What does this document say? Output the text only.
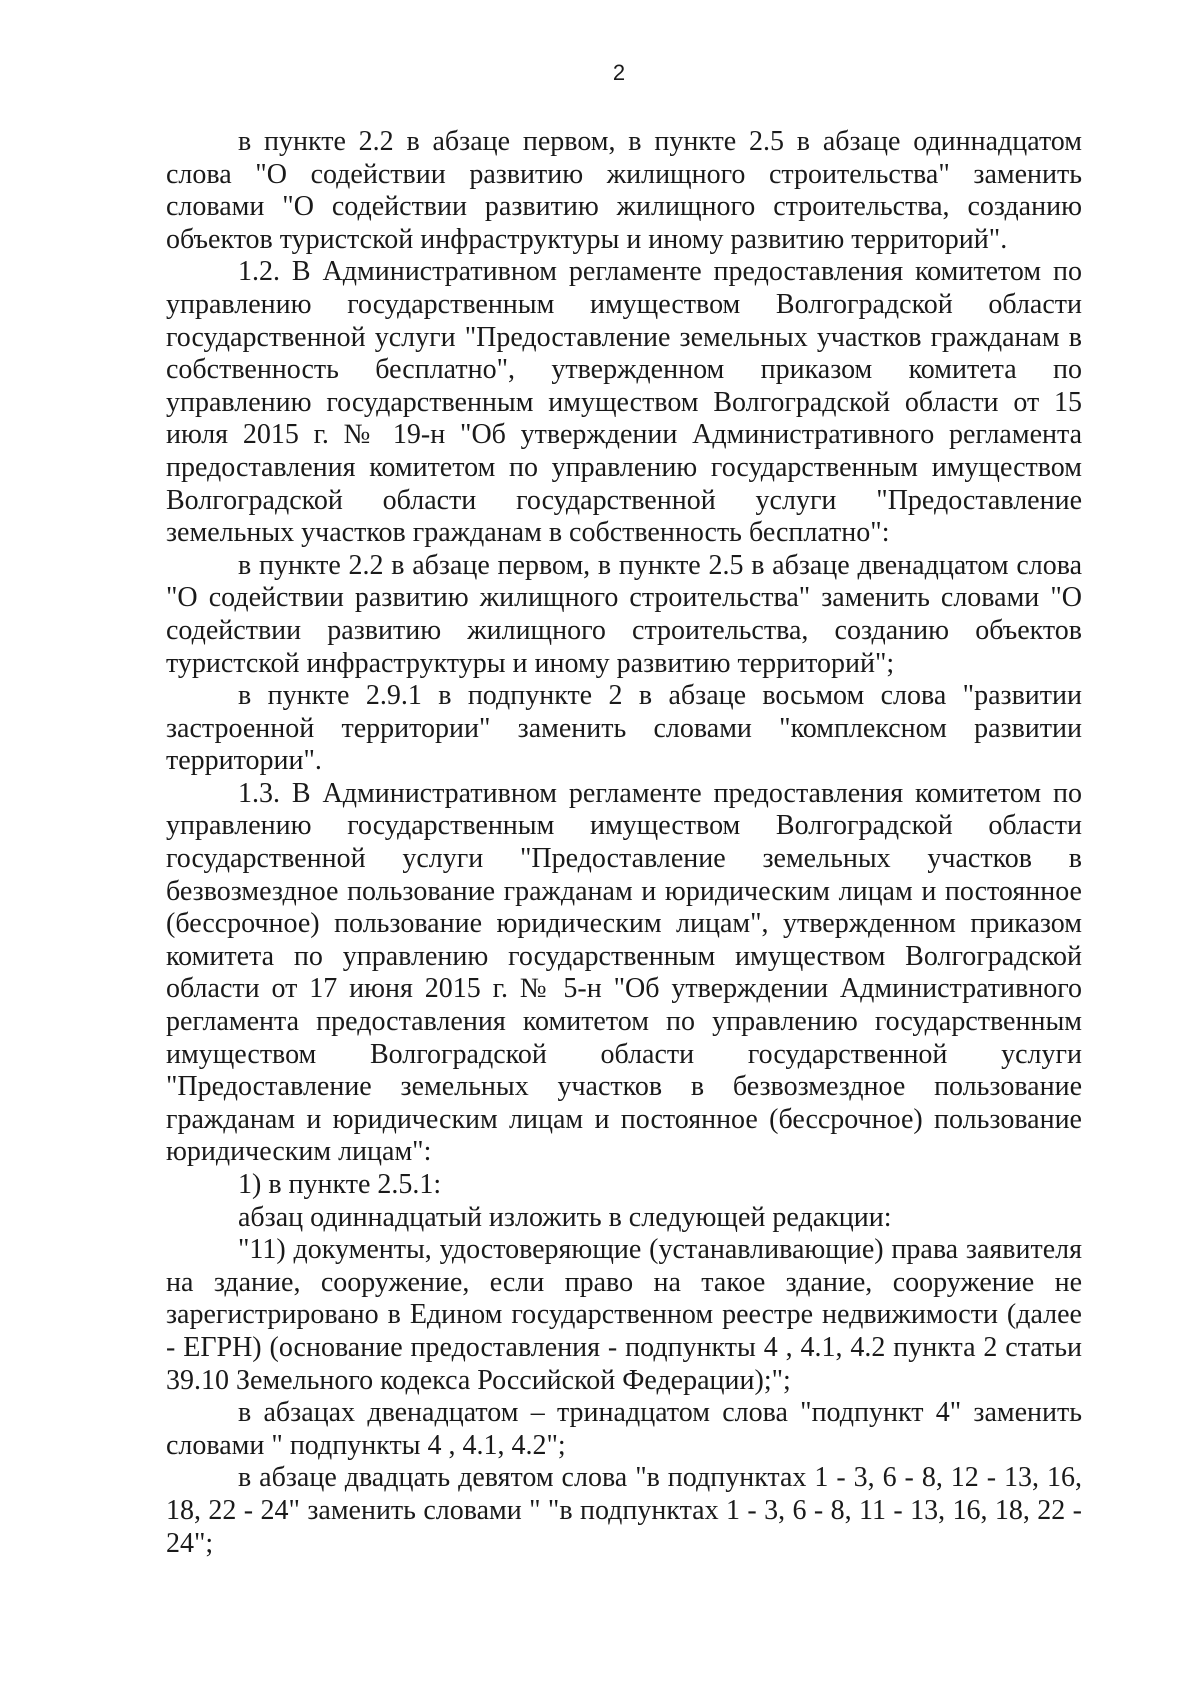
2

в пункте 2.2 в абзаце первом, в пункте 2.5 в абзаце одиннадцатом слова "О содействии развитию жилищного строительства" заменить словами "О содействии развитию жилищного строительства, созданию объектов туристской инфраструктуры и иному развитию территорий".

1.2. В Административном регламенте предоставления комитетом по управлению государственным имуществом Волгоградской области государственной услуги "Предоставление земельных участков гражданам в собственность бесплатно", утвержденном приказом комитета по управлению государственным имуществом Волгоградской области от 15 июля 2015 г. № 19-н "Об утверждении Административного регламента предоставления комитетом по управлению государственным имуществом Волгоградской области государственной услуги "Предоставление земельных участков гражданам в собственность бесплатно":

в пункте 2.2 в абзаце первом, в пункте 2.5 в абзаце двенадцатом слова "О содействии развитию жилищного строительства" заменить словами "О содействии развитию жилищного строительства, созданию объектов туристской инфраструктуры и иному развитию территорий";

в пункте 2.9.1 в подпункте 2 в абзаце восьмом слова "развитии застроенной территории" заменить словами "комплексном развитии территории".

1.3. В Административном регламенте предоставления комитетом по управлению государственным имуществом Волгоградской области государственной услуги "Предоставление земельных участков в безвозмездное пользование гражданам и юридическим лицам и постоянное (бессрочное) пользование юридическим лицам", утвержденном приказом комитета по управлению государственным имуществом Волгоградской области от 17 июня 2015 г. № 5-н "Об утверждении Административного регламента предоставления комитетом по управлению государственным имуществом Волгоградской области государственной услуги "Предоставление земельных участков в безвозмездное пользование гражданам и юридическим лицам и постоянное (бессрочное) пользование юридическим лицам":

1) в пункте 2.5.1:

абзац одиннадцатый изложить в следующей редакции:

"11) документы, удостоверяющие (устанавливающие) права заявителя на здание, сооружение, если право на такое здание, сооружение не зарегистрировано в Едином государственном реестре недвижимости (далее - ЕГРН) (основание предоставления - подпункты 4 , 4.1, 4.2 пункта 2 статьи 39.10 Земельного кодекса Российской Федерации);";

в абзацах двенадцатом – тринадцатом слова "подпункт 4" заменить словами " подпункты 4 , 4.1, 4.2";

в абзаце двадцать девятом слова "в подпунктах 1 - 3, 6 - 8, 12 - 13, 16, 18, 22 - 24" заменить словами " "в подпунктах 1 - 3, 6 - 8, 11 - 13, 16, 18, 22 - 24";
